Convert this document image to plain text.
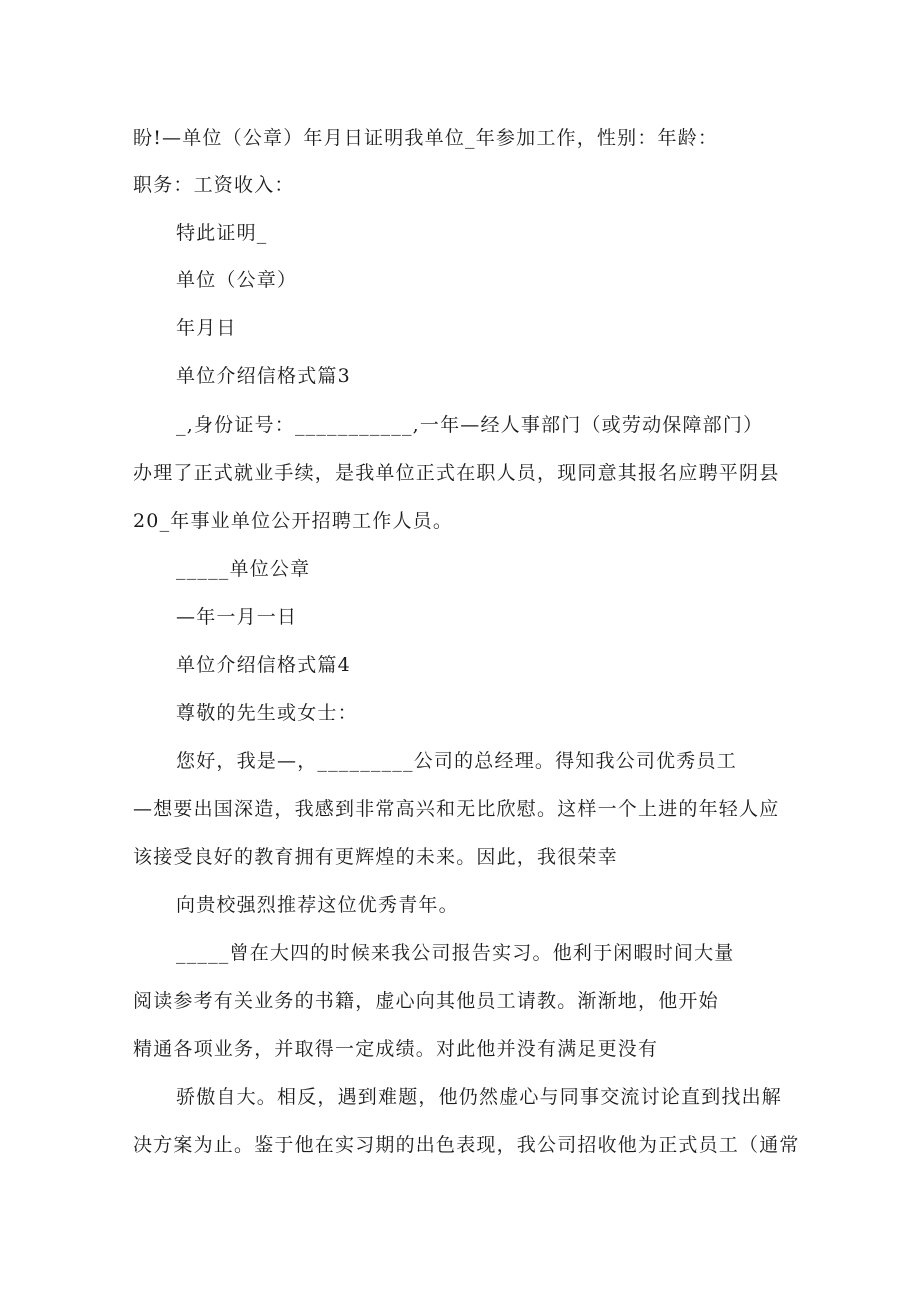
盼!—单位（公章）年月日证明我单位_年参加工作，性别：年龄：

职务：工资收入：

特此证明_

单位（公章）

年月日

单位介绍信格式篇3

_,身份证号：___________,一年—经人事部门（或劳动保障部门）

办理了正式就业手续，是我单位正式在职人员，现同意其报名应聘平阴县

20_年事业单位公开招聘工作人员。

_____单位公章

—年一月一日

单位介绍信格式篇4

尊敬的先生或女士：

您好，我是—，_________公司的总经理。得知我公司优秀员工

—想要出国深造，我感到非常高兴和无比欣慰。这样一个上进的年轻人应

该接受良好的教育拥有更辉煌的未来。因此，我很荣幸

向贵校强烈推荐这位优秀青年。

_____曾在大四的时候来我公司报告实习。他利于闲暇时间大量

阅读参考有关业务的书籍，虚心向其他员工请教。渐渐地，他开始

精通各项业务，并取得一定成绩。对此他并没有满足更没有

骄傲自大。相反，遇到难题，他仍然虚心与同事交流讨论直到找出解

决方案为止。鉴于他在实习期的出色表现，我公司招收他为正式员工（通常
